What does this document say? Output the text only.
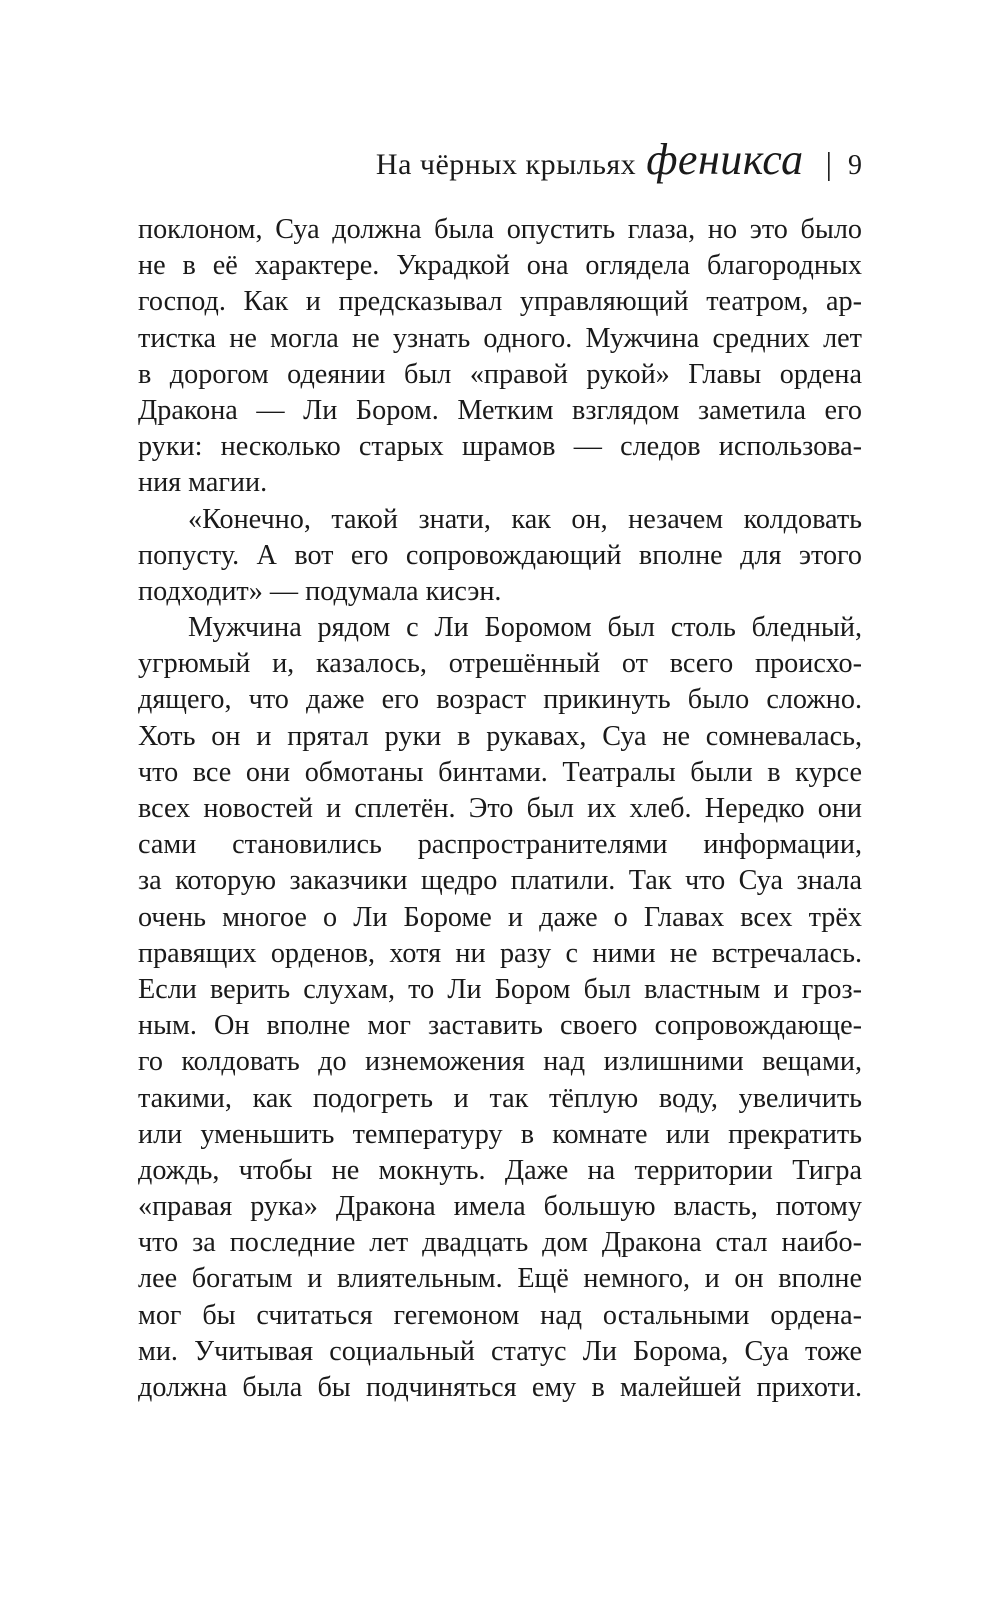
На чёрных крыльях феникса | 9
поклоном, Суа должна была опустить глаза, но это было
не в её характере. Украдкой она оглядела благородных
господ. Как и предсказывал управляющий театром, ар-
тистка не могла не узнать одного. Мужчина средних лет
в дорогом одеянии был «правой рукой» Главы ордена
Дракона — Ли Бором. Метким взглядом заметила его
руки: несколько старых шрамов — следов использова-
ния магии.
«Конечно, такой знати, как он, незачем колдовать
попусту. А вот его сопровождающий вполне для этого
подходит» — подумала кисэн.
Мужчина рядом с Ли Боромом был столь бледный,
угрюмый и, казалось, отрешённый от всего происхо-
дящего, что даже его возраст прикинуть было сложно.
Хоть он и прятал руки в рукавах, Суа не сомневалась,
что все они обмотаны бинтами. Театралы были в курсе
всех новостей и сплетён. Это был их хлеб. Нередко они
сами становились распространителями информации,
за которую заказчики щедро платили. Так что Суа знала
очень многое о Ли Бороме и даже о Главах всех трёх
правящих орденов, хотя ни разу с ними не встречалась.
Если верить слухам, то Ли Бором был властным и гроз-
ным. Он вполне мог заставить своего сопровождающе-
го колдовать до изнеможения над излишними вещами,
такими, как подогреть и так тёплую воду, увеличить
или уменьшить температуру в комнате или прекратить
дождь, чтобы не мокнуть. Даже на территории Тигра
«правая рука» Дракона имела большую власть, потому
что за последние лет двадцать дом Дракона стал наибо-
лее богатым и влиятельным. Ещё немного, и он вполне
мог бы считаться гегемоном над остальными ордена-
ми. Учитывая социальный статус Ли Борома, Суа тоже
должна была бы подчиняться ему в малейшей прихоти.
